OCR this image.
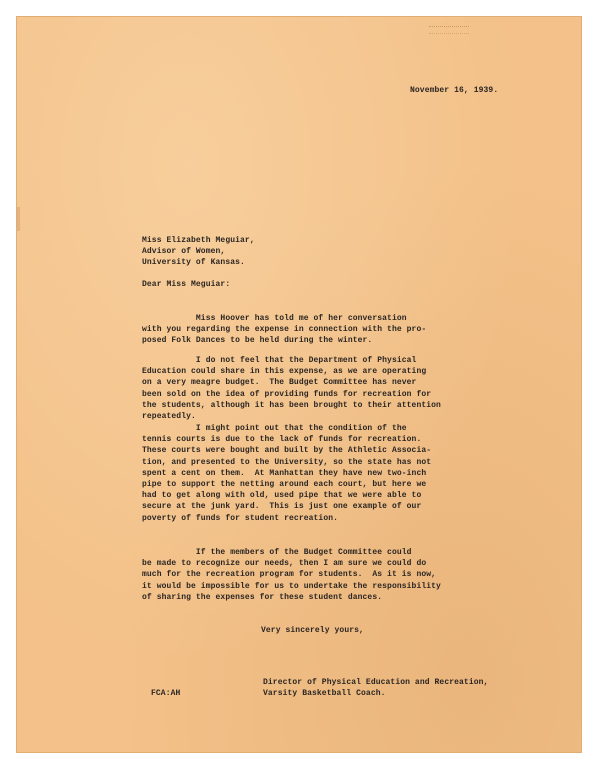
November 16, 1939.

Miss Elizabeth Meguiar,
Advisor of Women,
University of Kansas.

Dear Miss Meguiar:

Miss Hoover has told me of her conversation
with you regarding the expense in connection with the pro-
posed Folk Dances to be held during the winter.
I do not feel that the Department of Physical
Education could share in this expense, as we are operating
on a very meagre budget.  The Budget Committee has never
been sold on the idea of providing funds for recreation for
the students, although it has been brought to their attention
repeatedly.
I might point out that the condition of the
tennis courts is due to the lack of funds for recreation.
These courts were bought and built by the Athletic Associa-
tion, and presented to the University, so the state has not
spent a cent on them.  At Manhattan they have new two-inch
pipe to support the netting around each court, but here we
had to get along with old, used pipe that we were able to
secure at the junk yard.  This is just one example of our
poverty of funds for student recreation.
If the members of the Budget Committee could
be made to recognize our needs, then I am sure we could do
much for the recreation program for students.  As it is now,
it would be impossible for us to undertake the responsibility
of sharing the expenses for these student dances.

Very sincerely yours,

Director of Physical Education and Recreation,
Varsity Basketball Coach.

FCA:AH
